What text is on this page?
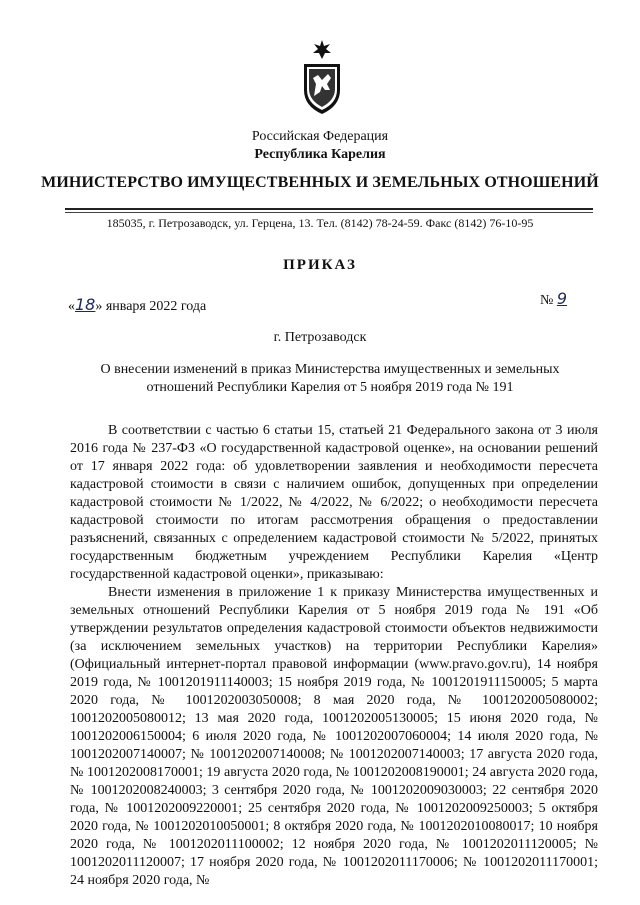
Российская Федерация
Республика Карелия
МИНИСТЕРСТВО ИМУЩЕСТВЕННЫХ И ЗЕМЕЛЬНЫХ ОТНОШЕНИЙ
185035, г. Петрозаводск, ул. Герцена, 13. Тел. (8142) 78-24-59. Факс (8142) 76-10-95
ПРИКАЗ
«18» января 2022 года	№ 9
г. Петрозаводск
О внесении изменений в приказ Министерства имущественных и земельных отношений Республики Карелия от 5 ноября 2019 года № 191

В соответствии с частью 6 статьи 15, статьей 21 Федерального закона от 3 июля 2016 года № 237-ФЗ «О государственной кадастровой оценке», на основании решений от 17 января 2022 года: об удовлетворении заявления и необходимости пересчета кадастровой стоимости в связи с наличием ошибок, допущенных при определении кадастровой стоимости № 1/2022, № 4/2022, № 6/2022; о необходимости пересчета кадастровой стоимости по итогам рассмотрения обращения о предоставлении разъяснений, связанных с определением кадастровой стоимости № 5/2022, принятых государственным бюджетным учреждением Республики Карелия «Центр государственной кадастровой оценки», приказываю:

Внести изменения в приложение 1 к приказу Министерства имущественных и земельных отношений Республики Карелия от 5 ноября 2019 года № 191 «Об утверждении результатов определения кадастровой стоимости объектов недвижимости (за исключением земельных участков) на территории Республики Карелия» (Официальный интернет-портал правовой информации (www.pravo.gov.ru), 14 ноября 2019 года, № 1001201911140003; 15 ноября 2019 года, № 1001201911150005; 5 марта 2020 года, № 1001202003050008; 8 мая 2020 года, № 1001202005080002; 1001202005080012; 13 мая 2020 года, 1001202005130005; 15 июня 2020 года, № 1001202006150004; 6 июля 2020 года, № 1001202007060004; 14 июля 2020 года, № 1001202007140007; № 1001202007140008; № 1001202007140003; 17 августа 2020 года, № 1001202008170001; 19 августа 2020 года, № 1001202008190001; 24 августа 2020 года, № 1001202008240003; 3 сентября 2020 года, № 1001202009030003; 22 сентября 2020 года, № 1001202009220001; 25 сентября 2020 года, № 1001202009250003; 5 октября 2020 года, № 1001202010050001; 8 октября 2020 года, № 1001202010080017; 10 ноября 2020 года, № 1001202011100002; 12 ноября 2020 года, № 1001202011120005; № 1001202011120007; 17 ноября 2020 года, № 1001202011170006; № 1001202011170001; 24 ноября 2020 года, №
